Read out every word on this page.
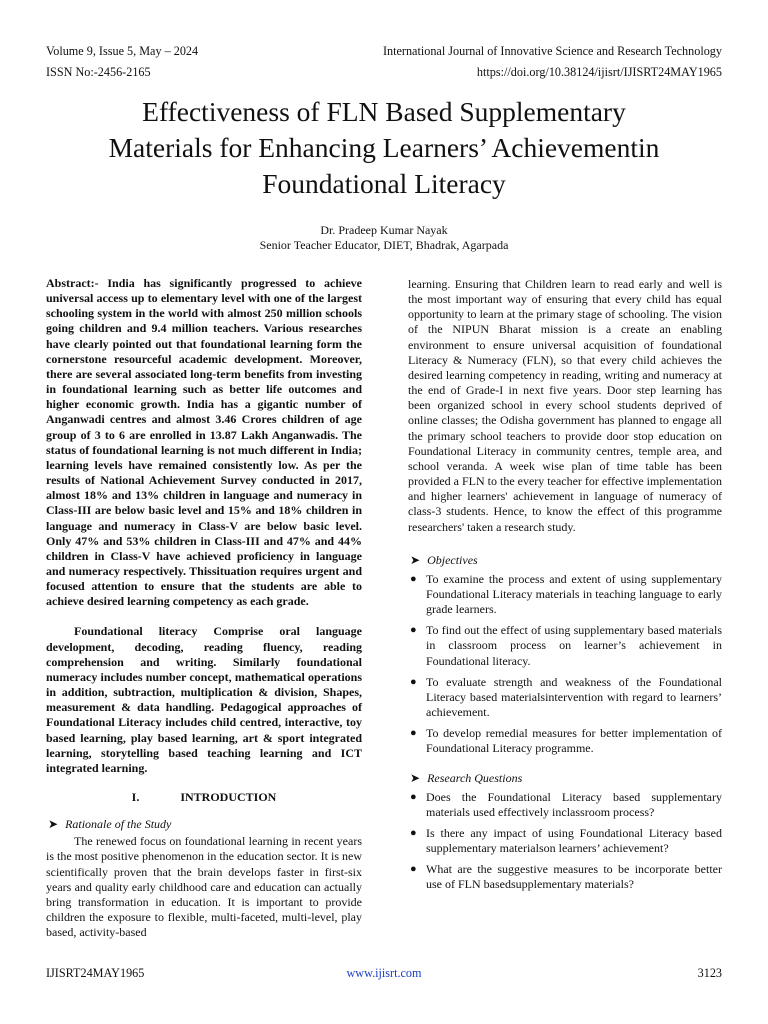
Volume 9, Issue 5, May – 2024	International Journal of Innovative Science and Research Technology
ISSN No:-2456-2165	https://doi.org/10.38124/ijisrt/IJISRT24MAY1965
Effectiveness of FLN Based Supplementary
Materials for Enhancing Learners’ Achievementin
Foundational Literacy
Dr. Pradeep Kumar Nayak
Senior Teacher Educator, DIET, Bhadrak, Agarpada

Abstract:- India has significantly progressed to achieve universal access up to elementary level with one of the largest schooling system in the world with almost 250 million schools going children and 9.4 million teachers. Various researches have clearly pointed out that foundational learning form the cornerstone resourceful academic development. Moreover, there are several associated long-term benefits from investing in foundational learning such as better life outcomes and higher economic growth. India has a gigantic number of Anganwadi centres and almost 3.46 Crores children of age group of 3 to 6 are enrolled in 13.87 Lakh Anganwadis. The status of foundational learning is not much different in India; learning levels have remained consistently low. As per the results of National Achievement Survey conducted in 2017, almost 18% and 13% children in language and numeracy in Class-III are below basic level and 15% and 18% children in language and numeracy in Class-V are below basic level. Only 47% and 53% children in Class-III and 47% and 44% children in Class-V have achieved proficiency in language and numeracy respectively. Thissituation requires urgent and focused attention to ensure that the students are able to achieve desired learning competency as each grade.

Foundational literacy Comprise oral language development, decoding, reading fluency, reading comprehension and writing. Similarly foundational numeracy includes number concept, mathematical operations in addition, subtraction, multiplication & division, Shapes, measurement & data handling. Pedagogical approaches of Foundational Literacy includes child centred, interactive, toy based learning, play based learning, art & sport integrated learning, storytelling based teaching learning and ICT integrated learning.

I.	INTRODUCTION
➤ Rationale of the Study

The renewed focus on foundational learning in recent years is the most positive phenomenon in the education sector. It is new scientifically proven that the brain develops faster in first-six years and quality early childhood care and education can actually bring transformation in education. It is important to provide children the exposure to flexible, multi-faceted, multi-level, play based, activity-based

learning. Ensuring that Children learn to read early and well is the most important way of ensuring that every child has equal opportunity to learn at the primary stage of schooling. The vision of the NIPUN Bharat mission is a create an enabling environment to ensure universal acquisition of foundational Literacy & Numeracy (FLN), so that every child achieves the desired learning competency in reading, writing and numeracy at the end of Grade-I in next five years. Door step learning has been organized school in every school students deprived of online classes; the Odisha government has planned to engage all the primary school teachers to provide door stop education on Foundational Literacy in community centres, temple area, and school veranda. A week wise plan of time table has been provided a FLN to the every teacher for effective implementation and higher learners' achievement in language of numeracy of class-3 students. Hence, to know the effect of this programme researchers' taken a research study.

➤ Objectives
● To examine the process and extent of using supplementary Foundational Literacy materials in teaching language to early grade learners.
● To find out the effect of using supplementary based materials in classroom process on learner’s achievement in Foundational literacy.
● To evaluate strength and weakness of the Foundational Literacy based materialsintervention with regard to learners’ achievement.
● To develop remedial measures for better implementation of Foundational Literacy programme.
➤ Research Questions
● Does the Foundational Literacy based supplementary materials used effectively inclassroom process?
● Is there any impact of using Foundational Literacy based supplementary materialson learners’ achievement?
● What are the suggestive measures to be incorporate better use of FLN basedsupplementary materials?
IJISRT24MAY1965	www.ijisrt.com	3123
